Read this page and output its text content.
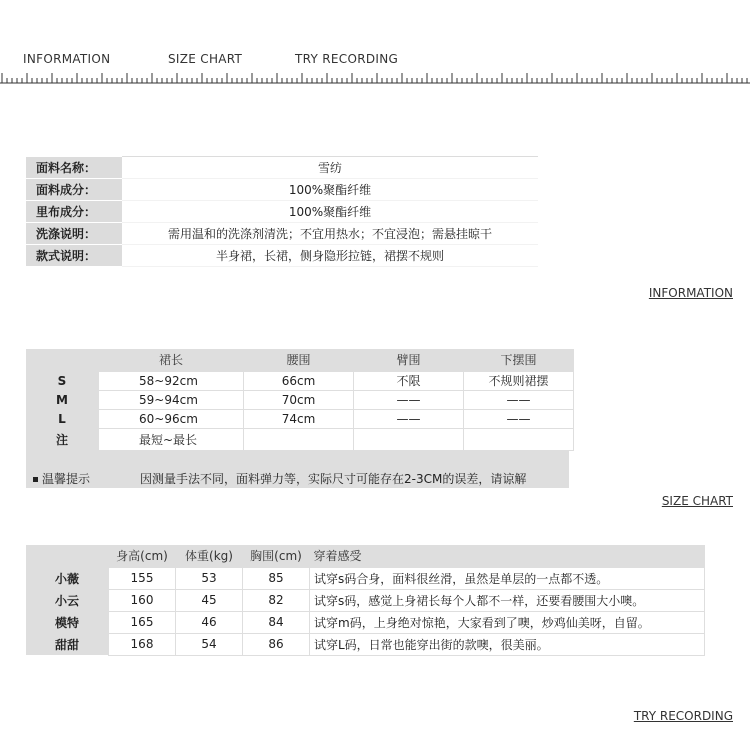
INFORMATION	SIZE CHART	TRY RECORDING
面料名称：	雪纺
面料成分：	100%聚酯纤维
里布成分：	100%聚酯纤维
洗涤说明：	需用温和的洗涤剂清洗；不宜用热水；不宜浸泡；需悬挂晾干
款式说明：	半身裙，长裙，侧身隐形拉链，裙摆不规则
INFORMATION
	裙长	腰围	臂围	下摆围
S	58~92cm	66cm	不限	不规则裙摆
M	59~94cm	70cm	——	——
L	60~96cm	74cm	——	——
注	最短~最长			
温馨提示	因测量手法不同，面料弹力等，实际尺寸可能存在2-3CM的误差，请谅解
SIZE CHART
	身高(cm)	体重(kg)	胸围(cm)	穿着感受
小薇	155	53	85	试穿s码合身，面料很丝滑，虽然是单层的一点都不透。
小云	160	45	82	试穿s码，感觉上身裙长每个人都不一样，还要看腰围大小噢。
模特	165	46	84	试穿m码，上身绝对惊艳，大家看到了噢，炒鸡仙美呀，自留。
甜甜	168	54	86	试穿L码，日常也能穿出街的款噢，很美丽。
TRY RECORDING
